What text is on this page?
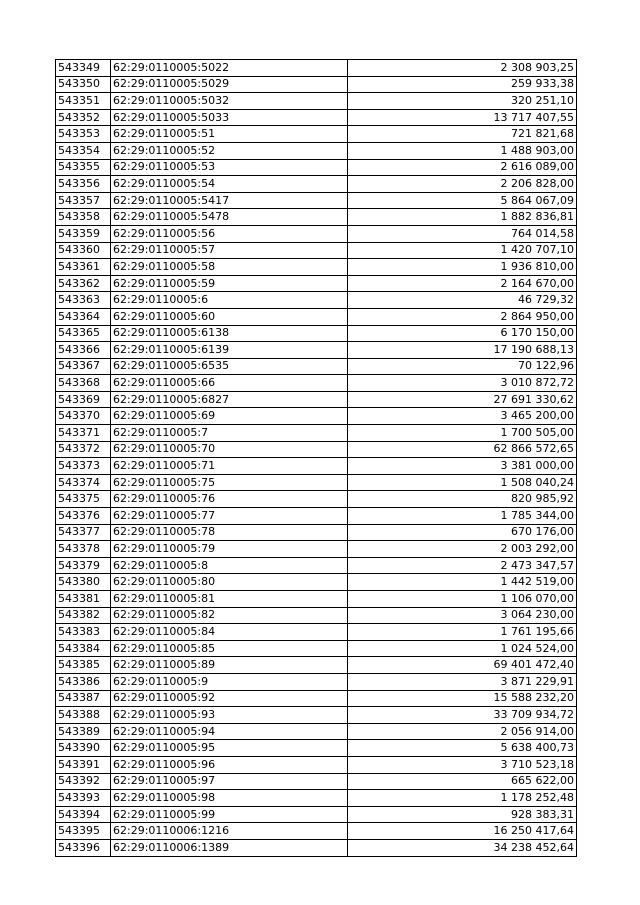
543349	62:29:0110005:5022	2 308 903,25
543350	62:29:0110005:5029	259 933,38
543351	62:29:0110005:5032	320 251,10
543352	62:29:0110005:5033	13 717 407,55
543353	62:29:0110005:51	721 821,68
543354	62:29:0110005:52	1 488 903,00
543355	62:29:0110005:53	2 616 089,00
543356	62:29:0110005:54	2 206 828,00
543357	62:29:0110005:5417	5 864 067,09
543358	62:29:0110005:5478	1 882 836,81
543359	62:29:0110005:56	764 014,58
543360	62:29:0110005:57	1 420 707,10
543361	62:29:0110005:58	1 936 810,00
543362	62:29:0110005:59	2 164 670,00
543363	62:29:0110005:6	46 729,32
543364	62:29:0110005:60	2 864 950,00
543365	62:29:0110005:6138	6 170 150,00
543366	62:29:0110005:6139	17 190 688,13
543367	62:29:0110005:6535	70 122,96
543368	62:29:0110005:66	3 010 872,72
543369	62:29:0110005:6827	27 691 330,62
543370	62:29:0110005:69	3 465 200,00
543371	62:29:0110005:7	1 700 505,00
543372	62:29:0110005:70	62 866 572,65
543373	62:29:0110005:71	3 381 000,00
543374	62:29:0110005:75	1 508 040,24
543375	62:29:0110005:76	820 985,92
543376	62:29:0110005:77	1 785 344,00
543377	62:29:0110005:78	670 176,00
543378	62:29:0110005:79	2 003 292,00
543379	62:29:0110005:8	2 473 347,57
543380	62:29:0110005:80	1 442 519,00
543381	62:29:0110005:81	1 106 070,00
543382	62:29:0110005:82	3 064 230,00
543383	62:29:0110005:84	1 761 195,66
543384	62:29:0110005:85	1 024 524,00
543385	62:29:0110005:89	69 401 472,40
543386	62:29:0110005:9	3 871 229,91
543387	62:29:0110005:92	15 588 232,20
543388	62:29:0110005:93	33 709 934,72
543389	62:29:0110005:94	2 056 914,00
543390	62:29:0110005:95	5 638 400,73
543391	62:29:0110005:96	3 710 523,18
543392	62:29:0110005:97	665 622,00
543393	62:29:0110005:98	1 178 252,48
543394	62:29:0110005:99	928 383,31
543395	62:29:0110006:1216	16 250 417,64
543396	62:29:0110006:1389	34 238 452,64
